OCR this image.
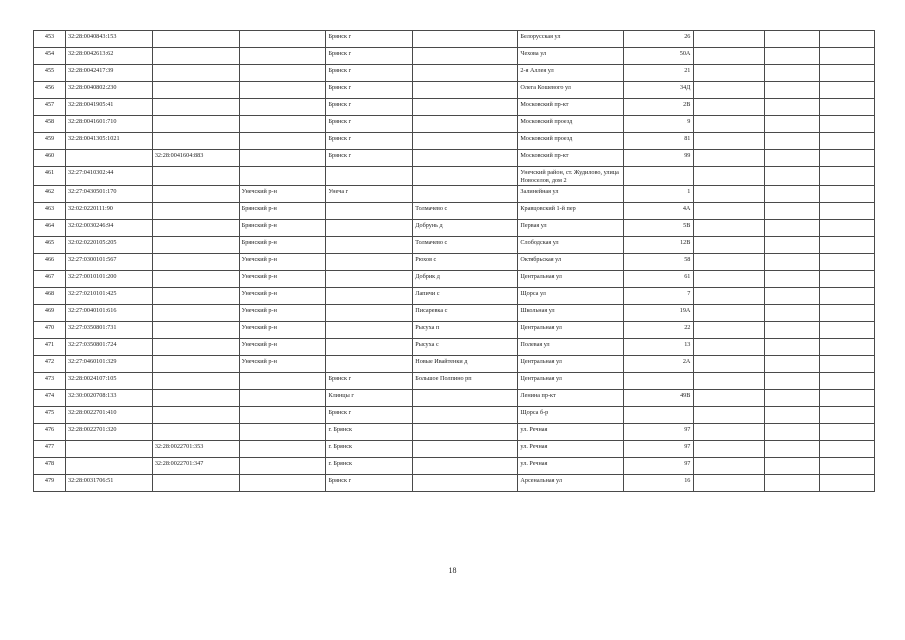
453	32:28:0040843:153			Брянск г		Белорусская ул	26			
454	32:28:0042613:62			Брянск г		Чехова ул	50А			
455	32:28:0042417:39			Брянск г		2-я Аллея ул	21			
456	32:28:0040802:230			Брянск г		Олега Кошевого ул	34Д			
457	32:28:0041905:41			Брянск г		Московский пр-кт	2В			
458	32:28:0041601:710			Брянск г		Московский проезд	9			
459	32:28:0041305:1021			Брянск г		Московский проезд	81			
460		32:28:0041604:883		Брянск г		Московский пр-кт	99			
461	32:27:0410302:44					Унечский район, ст. Жудилово, улица Новоселов, дом 2				
462	32:27:0430501:170		Унечский р-н	Унеча г		Залинейная ул	1			
463	32:02:0220111:90		Брянский р-н		Толмачево с	Кравцовский 1-й пер	4А			
464	32:02:0030246:94		Брянский р-н		Добрунь д	Первая ул	5В			
465	32:02:0220105:205		Брянский р-н		Толмачево с	Слободская ул	12В			
466	32:27:0300101:567		Унечский р-н		Рюхов с	Октябрьская ул	58			
467	32:27:0010101:200		Унечский р-н		Добрик д	Центральная ул	61			
468	32:27:0210101:425		Унечский р-н		Лапичи с	Щорса ул	7			
469	32:27:0040101:616		Унечский р-н		Писаревка с	Школьная ул	19А			
470	32:27:0350801:731		Унечский р-н		Рысуха п	Центральная ул	22			
471	32:27:0350801:724		Унечский р-н		Рысуха с	Полевая ул	13			
472	32:27:0460101:329		Унечский р-н		Новые Ивайтенки д	Центральная ул	2А			
473	32:28:0024107:105			Брянск г	Большое Полпино рп	Центральная ул				
474	32:30:0020708:133			Клинцы г		Ленина пр-кт	49В			
475	32:28:0022701:410			Брянск г		Щорса б-р				
476	32:28:0022701:320			г. Брянск		ул. Речная	97			
477		32:28:0022701:353		г. Брянск		ул. Речная	97			
478		32:28:0022701:347		г. Брянск		ул. Речная	97			
479	32:28:0031706:51			Брянск г		Арсенальная ул	16			
18
